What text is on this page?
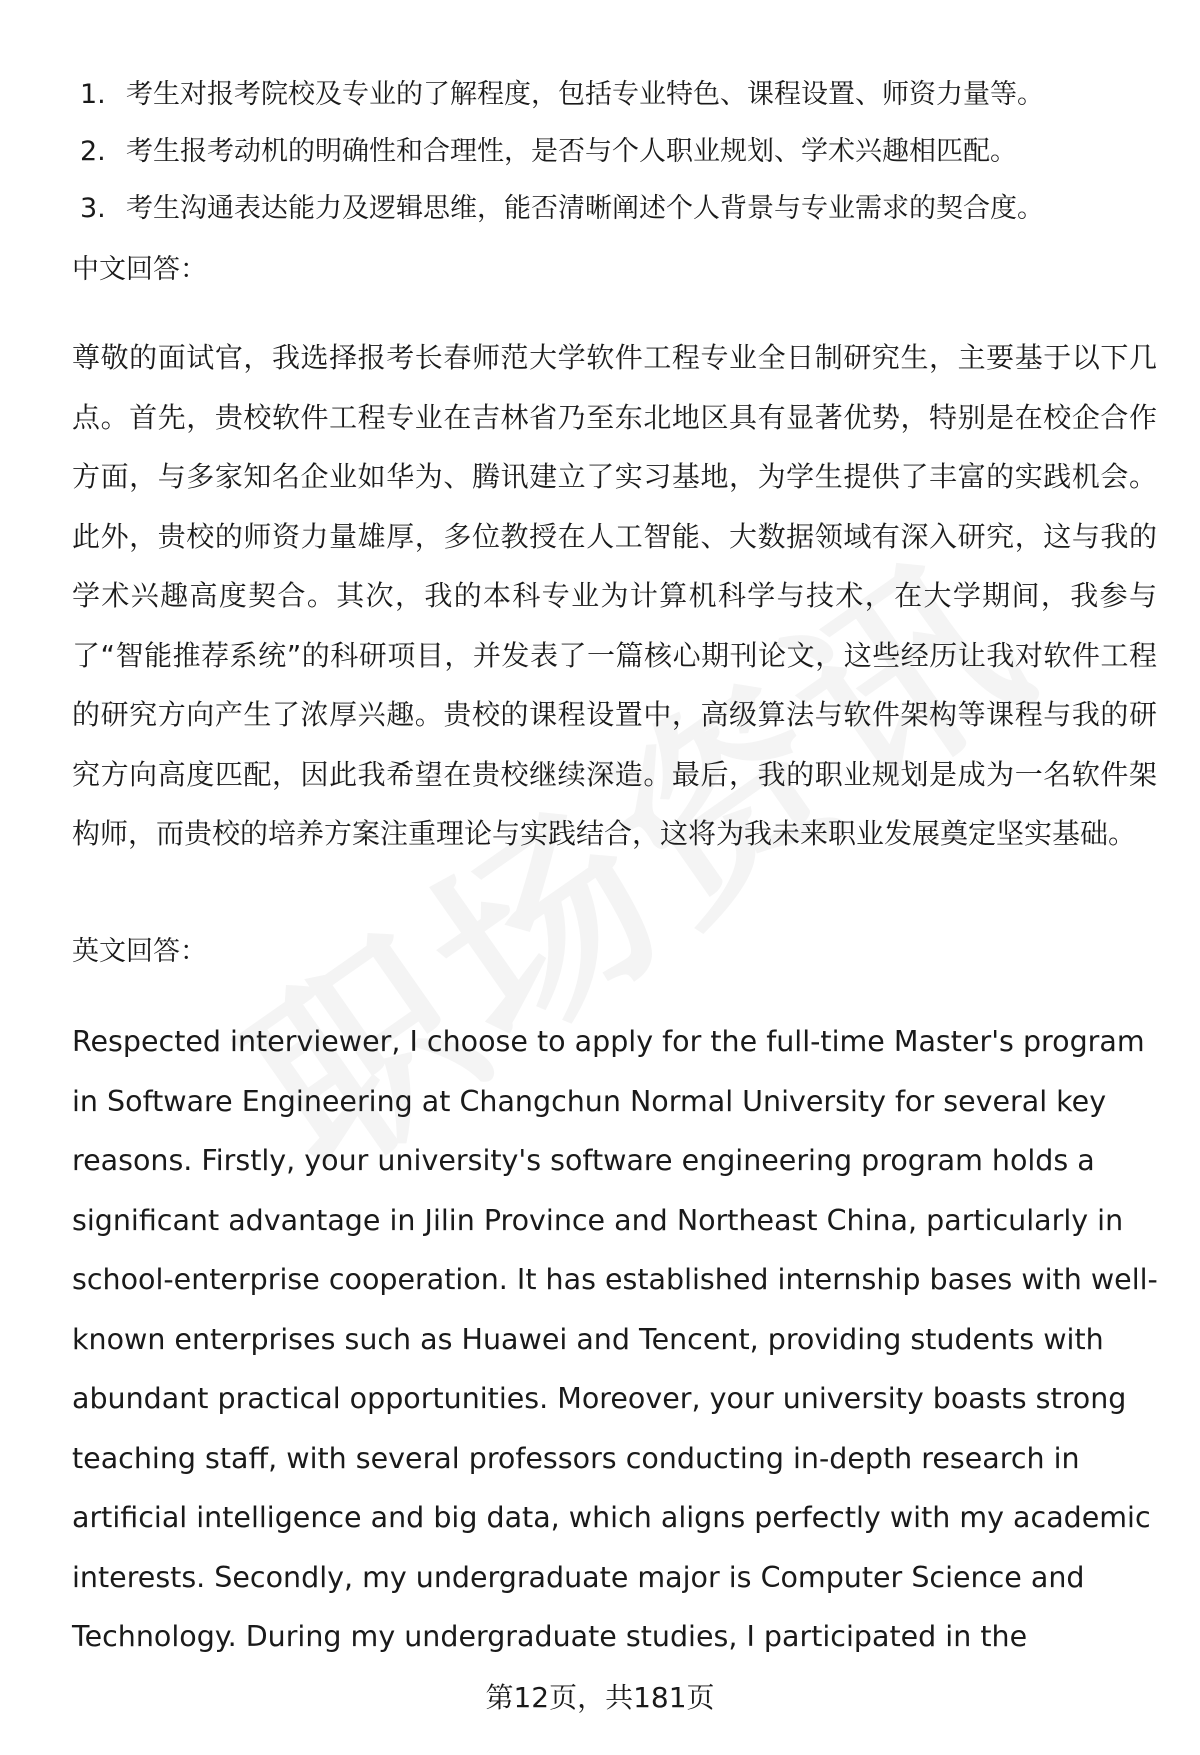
1. 考生对报考院校及专业的了解程度，包括专业特色、课程设置、师资力量等。
2. 考生报考动机的明确性和合理性，是否与个人职业规划、学术兴趣相匹配。
3. 考生沟通表达能力及逻辑思维，能否清晰阐述个人背景与专业需求的契合度。
中文回答：

尊敬的面试官，我选择报考长春师范大学软件工程专业全日制研究生，主要基于以下几点。首先，贵校软件工程专业在吉林省乃至东北地区具有显著优势，特别是在校企合作方面，与多家知名企业如华为、腾讯建立了实习基地，为学生提供了丰富的实践机会。此外，贵校的师资力量雄厚，多位教授在人工智能、大数据领域有深入研究，这与我的学术兴趣高度契合。其次，我的本科专业为计算机科学与技术，在大学期间，我参与了“智能推荐系统”的科研项目，并发表了一篇核心期刊论文，这些经历让我对软件工程的研究方向产生了浓厚兴趣。贵校的课程设置中，高级算法与软件架构等课程与我的研究方向高度匹配，因此我希望在贵校继续深造。最后，我的职业规划是成为一名软件架构师，而贵校的培养方案注重理论与实践结合，这将为我未来职业发展奠定坚实基础。

英文回答：

Respected interviewer, I choose to apply for the full-time Master's program in Software Engineering at Changchun Normal University for several key reasons. Firstly, your university's software engineering program holds a significant advantage in Jilin Province and Northeast China, particularly in school-enterprise cooperation. It has established internship bases with well-known enterprises such as Huawei and Tencent, providing students with abundant practical opportunities. Moreover, your university boasts strong teaching staff, with several professors conducting in-depth research in artificial intelligence and big data, which aligns perfectly with my academic interests. Secondly, my undergraduate major is Computer Science and Technology. During my undergraduate studies, I participated in the

第12页，共181页
